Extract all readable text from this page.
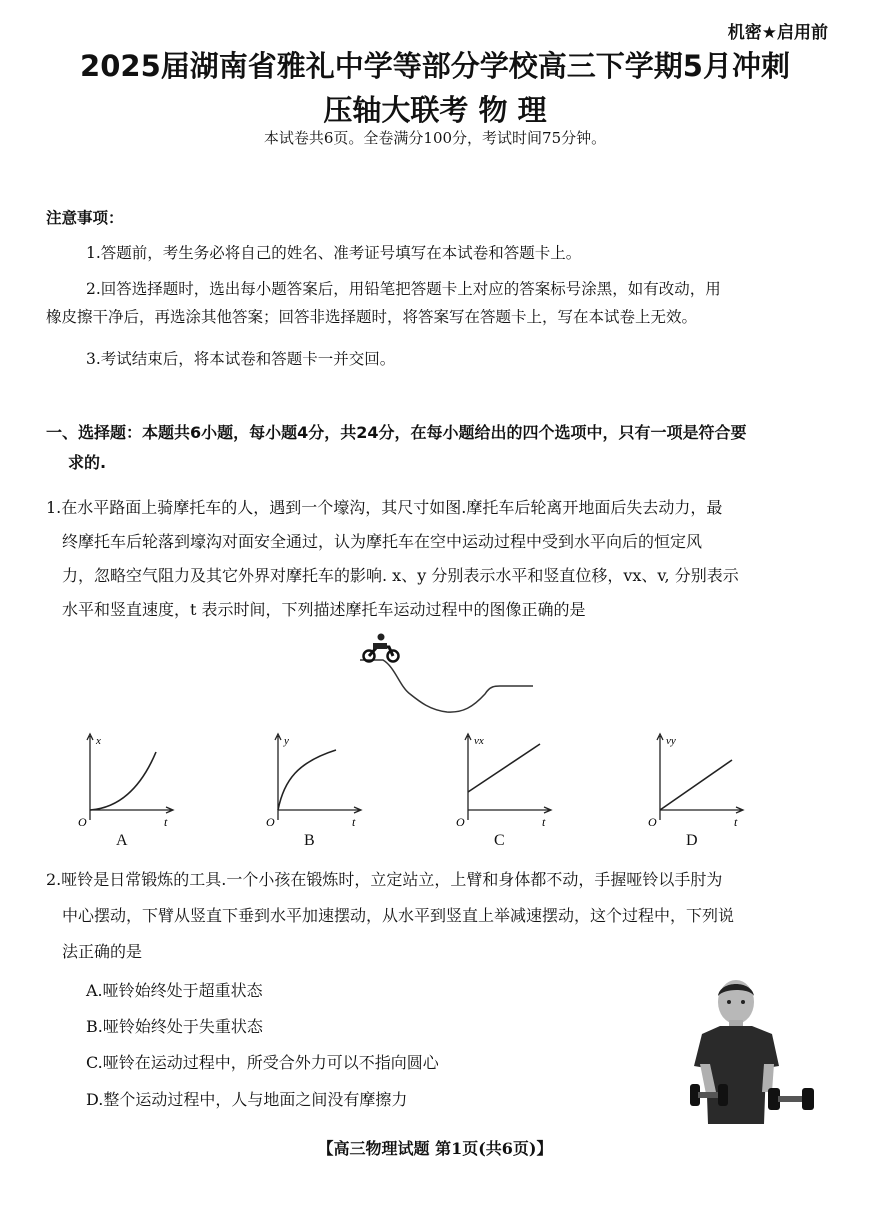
机密★启用前
2025届湖南省雅礼中学等部分学校高三下学期5月冲刺
压轴大联考 物 理
本试卷共6页。全卷满分100分，考试时间75分钟。
注意事项：
1.答题前，考生务必将自己的姓名、准考证号填写在本试卷和答题卡上。
2.回答选择题时，选出每小题答案后，用铅笔把答题卡上对应的答案标号涂黑，如有改动，用
橡皮擦干净后，再选涂其他答案；回答非选择题时，将答案写在答题卡上，写在本试卷上无效。
3.考试结束后，将本试卷和答题卡一并交回。
一、选择题：本题共6小题，每小题4分，共24分，在每小题给出的四个选项中，只有一项是符合要
求的.
1.在水平路面上骑摩托车的人，遇到一个壕沟，其尺寸如图.摩托车后轮离开地面后失去动力，最
终摩托车后轮落到壕沟对面安全通过，认为摩托车在空中运动过程中受到水平向后的恒定风
力，忽略空气阻力及其它外界对摩托车的影响. x、y 分别表示水平和竖直位移，vx、v, 分别表示
水平和竖直速度，t 表示时间，下列描述摩托车运动过程中的图像正确的是
x
t
O
A
y
t
O
B
vx
t
O
C
vy
t
O
D
2.哑铃是日常锻炼的工具.一个小孩在锻炼时，立定站立，上臂和身体都不动，手握哑铃以手肘为
中心摆动，下臂从竖直下垂到水平加速摆动，从水平到竖直上举减速摆动，这个过程中，下列说
法正确的是
A.哑铃始终处于超重状态
B.哑铃始终处于失重状态
C.哑铃在运动过程中，所受合外力可以不指向圆心
D.整个运动过程中，人与地面之间没有摩擦力
【高三物理试题 第1页(共6页)】
